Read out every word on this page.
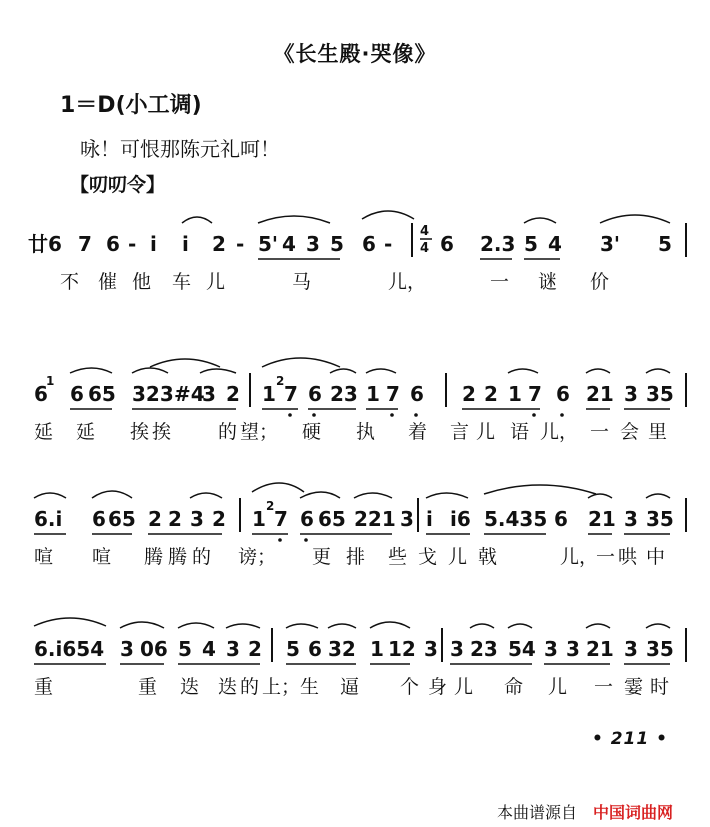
《长生殿·哭像》
1＝D(小工调)
咏！可恨那陈元礼呵！
【叨叨令】
廿6 7 6 - i i 2 - 5' 4 3 5 6 -
4
4 6 2.3 5 4 3' 5
不 催 他 车 儿	马	儿，	一 谜 价
6
1
6 65 323 #4
3 2 1
2
7 6 23 1 7 6 2 2 1 7 6 21 3 35
延 延 挨 挨 的 望； 硬 执 着 言 儿 语 儿， 一 会 里
6.i 6 65 2 2 3 2 1
2
7 6 65 221 3 i i6 5.435 6 21 3 35
喧 喧 腾 腾 的 谤； 更 排 些 戈 儿 戟	儿，
一 哄 中
6.i654 3 06 5 4 3 2 5 6 32 1 12 3 3 23 54 3 3 21 3 35
重	重 迭 迭 的 上； 生 逼 个 身 儿 命 儿 一 霎 时
• 211 •
本曲谱源自 中国词曲网
